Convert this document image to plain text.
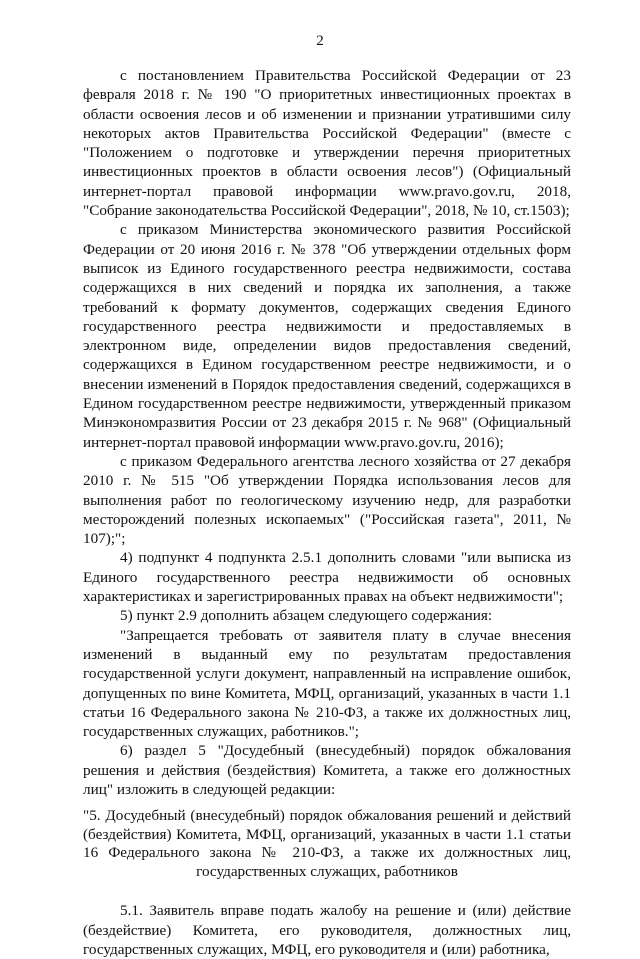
2

с постановлением Правительства Российской Федерации от 23 февраля 2018 г. № 190 "О приоритетных инвестиционных проектах в области освоения лесов и об изменении и признании утратившими силу некоторых актов Правительства Российской Федерации" (вместе с "Положением о подготовке и утверждении перечня приоритетных инвестиционных проектов в области освоения лесов") (Официальный интернет-портал правовой информации www.pravo.gov.ru, 2018, "Собрание законодательства Российской Федерации", 2018, № 10, ст.1503);

с приказом Министерства экономического развития Российской Федерации от 20 июня 2016 г. № 378 "Об утверждении отдельных форм выписок из Единого государственного реестра недвижимости, состава содержащихся в них сведений и порядка их заполнения, а также требований к формату документов, содержащих сведения Единого государственного реестра недвижимости и предоставляемых в электронном виде, определении видов предоставления сведений, содержащихся в Едином государственном реестре недвижимости, и о внесении изменений в Порядок предоставления сведений, содержащихся в Едином государственном реестре недвижимости, утвержденный приказом Минэкономразвития России от 23 декабря 2015 г. № 968" (Официальный интернет-портал правовой информации www.pravo.gov.ru, 2016);

с приказом Федерального агентства лесного хозяйства от 27 декабря 2010 г. № 515 "Об утверждении Порядка использования лесов для выполнения работ по геологическому изучению недр, для разработки месторождений полезных ископаемых" ("Российская газета", 2011, № 107);";

4) подпункт 4 подпункта 2.5.1 дополнить словами "или выписка из Единого государственного реестра недвижимости об основных характеристиках и зарегистрированных правах на объект недвижимости";

5) пункт 2.9 дополнить абзацем следующего содержания:

"Запрещается требовать от заявителя плату в случае внесения изменений в выданный ему по результатам предоставления государственной услуги документ, направленный на исправление ошибок, допущенных по вине Комитета, МФЦ, организаций, указанных в части 1.1 статьи 16 Федерального закона № 210-ФЗ, а также их должностных лиц, государственных служащих, работников.";

6) раздел 5 "Досудебный (внесудебный) порядок обжалования решения и действия (бездействия) Комитета, а также его должностных лиц" изложить в следующей редакции:

"5. Досудебный (внесудебный) порядок обжалования решений и действий (бездействия) Комитета, МФЦ, организаций, указанных в части 1.1 статьи 16 Федерального закона № 210-ФЗ, а также их должностных лиц, государственных служащих, работников

5.1. Заявитель вправе подать жалобу на решение и (или) действие (бездействие) Комитета, его руководителя, должностных лиц, государственных служащих, МФЦ, его руководителя и (или) работника,
